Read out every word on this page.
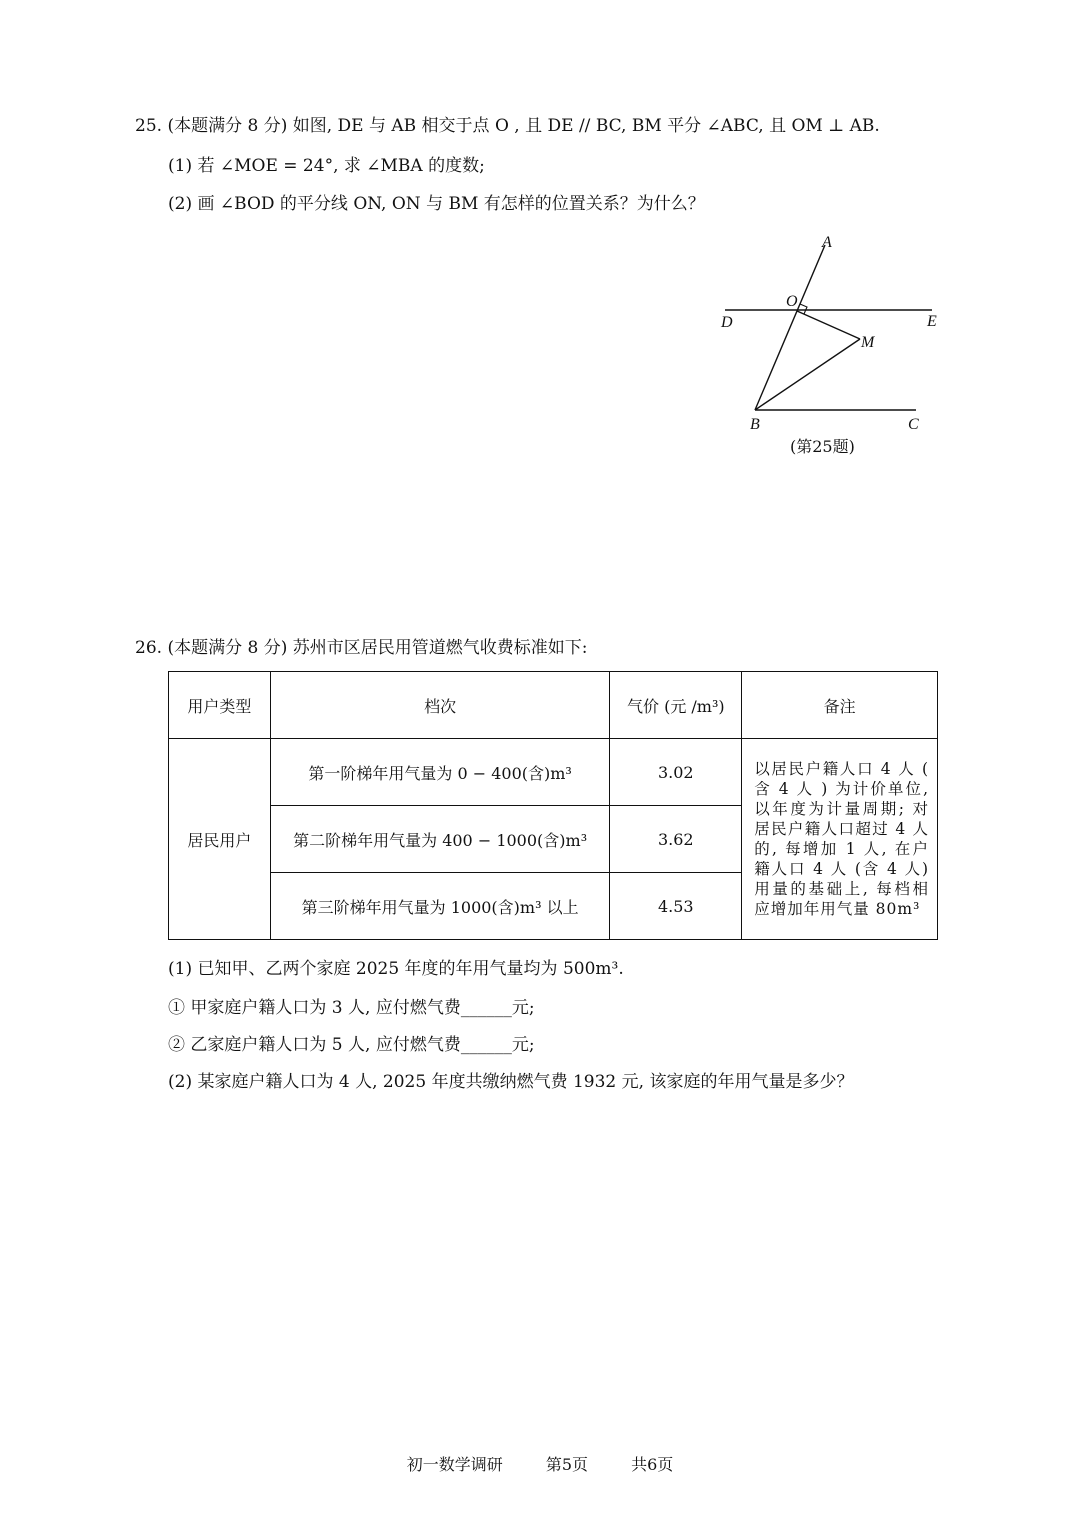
25. (本题满分 8 分) 如图, DE 与 AB 相交于点 O , 且 DE // BC, BM 平分 ∠ABC, 且 OM ⊥ AB.
(1) 若 ∠MOE = 24°, 求 ∠MBA 的度数;
(2) 画 ∠BOD 的平分线 ON, ON 与 BM 有怎样的位置关系？为什么？
A
O
D	E
M
B	C
(第25题)
26. (本题满分 8 分) 苏州市区居民用管道燃气收费标准如下:
用户类型	档次	气价 (元 /m³)	备注
居民用户	第一阶梯年用气量为 0 − 400(含)m³	3.02	以居民户籍人口 4 人 ( 含 4 人 ) 为计价单位, 以年度为计量周期; 对居民户籍人口超过 4 人的, 每增加 1 人, 在户籍人口 4 人 (含 4 人) 用量的基础上, 每档相应增加年用气量 80m³
	第二阶梯年用气量为 400 − 1000(含)m³	3.62	
	第三阶梯年用气量为 1000(含)m³ 以上	4.53	
(1) 已知甲、乙两个家庭 2025 年度的年用气量均为 500m³.
① 甲家庭户籍人口为 3 人, 应付燃气费______元;
② 乙家庭户籍人口为 5 人, 应付燃气费______元;
(2) 某家庭户籍人口为 4 人, 2025 年度共缴纳燃气费 1932 元, 该家庭的年用气量是多少？
初一数学调研	第5页	共6页
